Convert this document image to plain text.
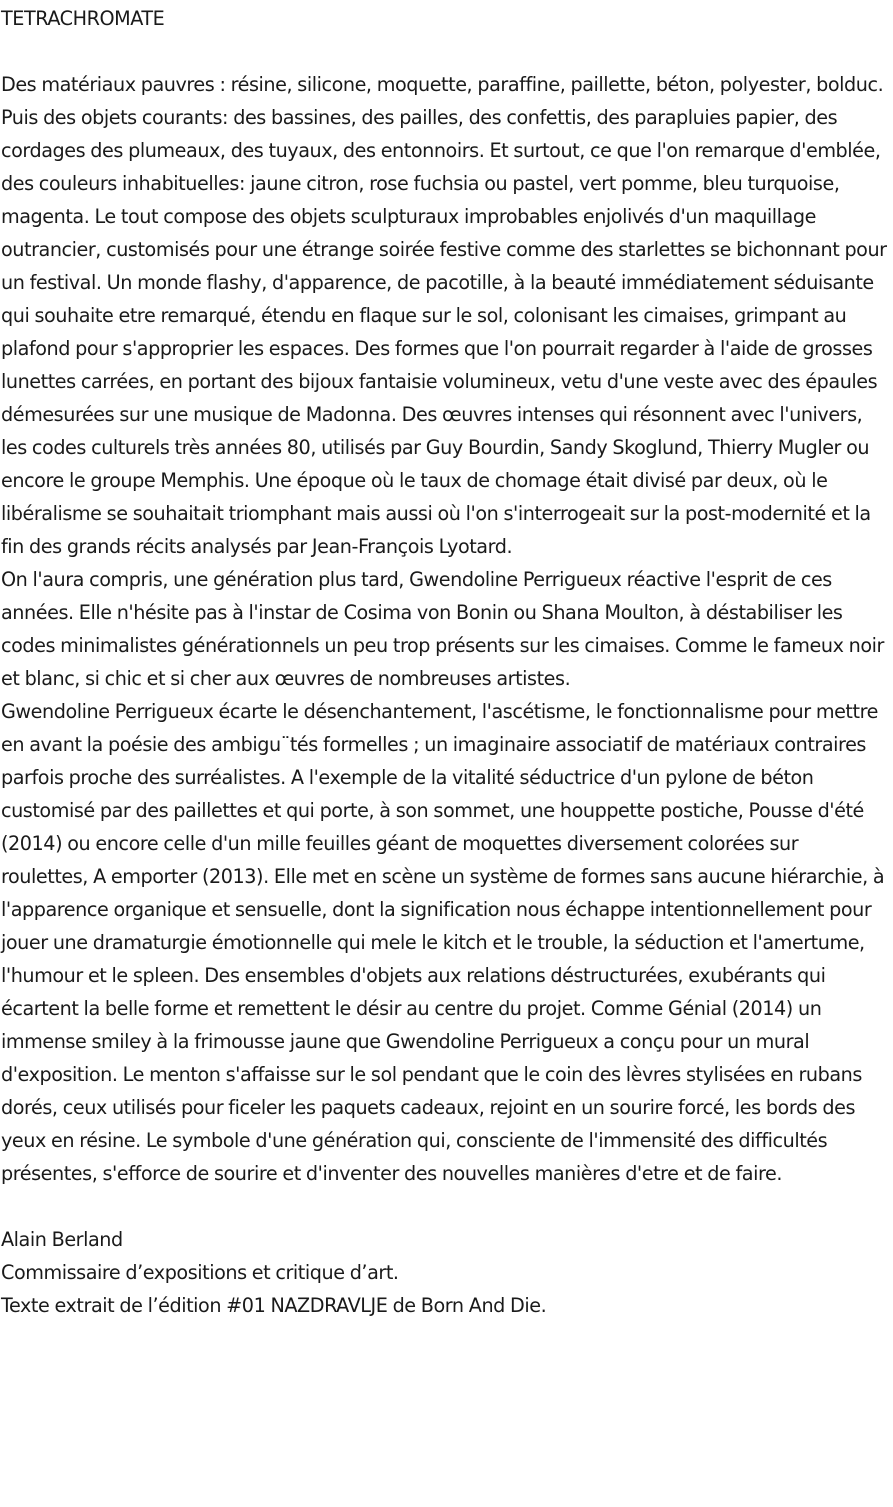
TETRACHROMATE

Des matériaux pauvres : résine, silicone, moquette, paraffine, paillette, béton, polyester, bolduc. Puis des objets courants: des bassines, des pailles, des confettis, des parapluies papier, des cordages des plumeaux, des tuyaux, des entonnoirs. Et surtout, ce que l'on remarque d'emblée, des couleurs inhabituelles: jaune citron, rose fuchsia ou pastel, vert pomme, bleu turquoise, magenta. Le tout compose des objets sculpturaux improbables enjolivés d'un maquillage outrancier, customisés pour une étrange soirée festive comme des starlettes se bichonnant pour un festival. Un monde flashy, d'apparence, de pacotille, à la beauté immédiatement séduisante qui souhaite etre remarqué, étendu en flaque sur le sol, colonisant les cimaises, grimpant au plafond pour s'approprier les espaces. Des formes que l'on pourrait regarder à l'aide de grosses lunettes carrées, en portant des bijoux fantaisie volumineux, vetu d'une veste avec des épaules démesurées sur une musique de Madonna. Des œuvres intenses qui résonnent avec l'univers, les codes culturels très années 80, utilisés par Guy Bourdin, Sandy Skoglund, Thierry Mugler ou encore le groupe Memphis. Une époque où le taux de chomage était divisé par deux, où le libéralisme se souhaitait triomphant mais aussi où l'on s'interrogeait sur la post-modernité et la fin des grands récits analysés par Jean-François Lyotard.

On l'aura compris, une génération plus tard, Gwendoline Perrigueux réactive l'esprit de ces années. Elle n'hésite pas à l'instar de Cosima von Bonin ou Shana Moulton, à déstabiliser les codes minimalistes générationnels un peu trop présents sur les cimaises. Comme le fameux noir et blanc, si chic et si cher aux œuvres de nombreuses artistes.

Gwendoline Perrigueux écarte le désenchantement, l'ascétisme, le fonctionnalisme pour mettre en avant la poésie des ambigu¨tés formelles ; un imaginaire associatif de matériaux contraires parfois proche des surréalistes. A l'exemple de la vitalité séductrice d'un pylone de béton customisé par des paillettes et qui porte, à son sommet, une houppette postiche, Pousse d'été (2014) ou encore celle d'un mille feuilles géant de moquettes diversement colorées sur roulettes, A emporter (2013). Elle met en scène un système de formes sans aucune hiérarchie, à l'apparence organique et sensuelle, dont la signification nous échappe intentionnellement pour jouer une dramaturgie émotionnelle qui mele le kitch et le trouble, la séduction et l'amertume, l'humour et le spleen. Des ensembles d'objets aux relations déstructurées, exubérants qui écartent la belle forme et remettent le désir au centre du projet. Comme Génial (2014) un immense smiley à la frimousse jaune que Gwendoline Perrigueux a conçu pour un mural d'exposition. Le menton s'affaisse sur le sol pendant que le coin des lèvres stylisées en rubans dorés, ceux utilisés pour ficeler les paquets cadeaux, rejoint en un sourire forcé, les bords des yeux en résine. Le symbole d'une génération qui, consciente de l'immensité des difficultés présentes, s'efforce de sourire et d'inventer des nouvelles manières d'etre et de faire.

Alain Berland

Commissaire d’expositions et critique d’art.

Texte extrait de l’édition #01 NAZDRAVLJE de Born And Die.
